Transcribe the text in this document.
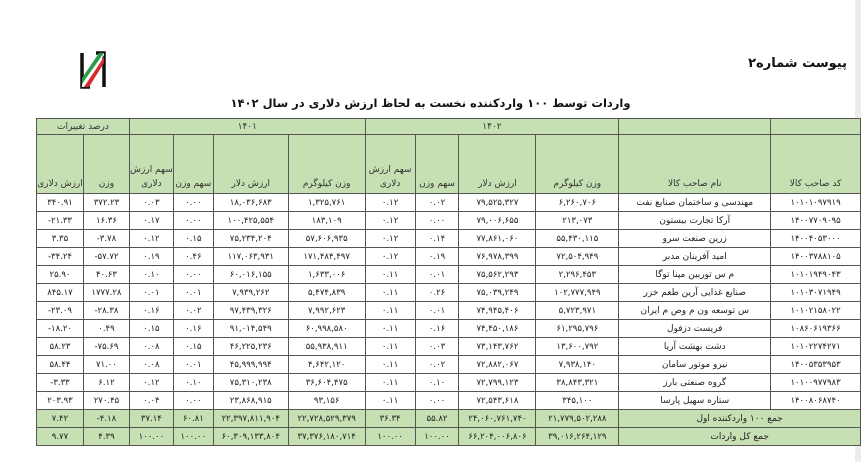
پیوست شماره۲
واردات توسط ۱۰۰ واردکننده نخست به لحاظ ارزش دلاری در سال ۱۴۰۲
		۱۴۰۲				۱۴۰۱				درصد تغییرات	
کد صاحب کالا	نام صاحب کالا	وزن کیلوگرم	ارزش دلار	سهم وزن	سهم ارزش دلاری	وزن کیلوگرم	ارزش دلار	سهم وزن	سهم ارزش دلاری	وزن	ارزش دلاری
۱۰۱۰۱۰۹۷۹۱۹	مهندسی و ساختمان صنایع نفت	۶,۲۶۰,۷۰۶	۷۹,۵۲۵,۳۲۷	۰.۰۲	۰.۱۲	۱,۳۲۵,۷۶۱	۱۸,۰۳۶,۶۸۳	۰.۰۰	۰.۰۳	۳۷۲.۲۳	۳۴۰.۹۱
۱۴۰۰۷۷۰۹۰۹۵	آرکا تجارت بیستون	۲۱۳,۰۷۳	۷۹,۰۰۶,۶۵۵	۰.۰۰	۰.۱۲	۱۸۳,۱۰۹	۱۰۰,۴۲۵,۵۵۴	۰.۰۰	۰.۱۷	۱۶.۳۶	-۲۱.۳۳
۱۴۰۰۴۰۵۳۰۰۰	زرین صنعت سرو	۵۵,۴۳۰,۱۱۵	۷۷,۸۶۱,۰۶۰	۰.۱۴	۰.۱۲	۵۷,۶۰۶,۹۳۵	۷۵,۲۳۴,۲۰۴	۰.۱۵	۰.۱۲	-۳.۷۸	۳.۳۵
۱۴۰۰۳۷۸۸۱۰۵	امید آفرینان مدبر	۷۲,۵۰۴,۹۴۹	۷۶,۹۷۸,۳۹۹	۰.۱۹	۰.۱۲	۱۷۱,۴۸۴,۴۹۷	۱۱۷,۰۶۳,۹۳۱	۰.۴۶	۰.۱۹	-۵۷.۷۲	-۳۴.۲۴
۱۰۱۰۱۹۴۹۰۴۳	م س توربین مپنا توگا	۲,۲۹۶,۴۵۳	۷۵,۵۶۲,۲۹۳	۰.۰۱	۰.۱۱	۱,۶۳۳,۰۰۶	۶۰,۰۱۶,۱۵۵	۰.۰۰	۰.۱۰	۴۰.۶۳	۲۵.۹۰
۱۰۱۰۳۰۷۱۹۴۹	صنایع غذایی آرین طعم خزر	۱۰۲,۷۷۷,۹۴۹	۷۵,۰۳۹,۲۴۹	۰.۲۶	۰.۱۱	۵,۴۷۴,۸۳۹	۷,۹۳۹,۲۶۲	۰.۰۱	۰.۰۱	۱۷۷۷.۲۸	۸۴۵.۱۷
۱۰۱۰۲۱۵۸۰۲۲	س توسعه ون م وص م ایران	۵,۷۲۳,۹۷۱	۷۴,۹۴۵,۴۰۶	۰.۰۱	۰.۱۱	۷,۹۹۲,۶۲۳	۹۷,۴۳۹,۳۲۶	۰.۰۲	۰.۱۶	-۲۸.۳۸	-۲۳.۰۹
۱۰۸۶۰۶۱۹۳۶۶	فریست دزفول	۶۱,۲۹۵,۷۹۶	۷۴,۴۵۰,۱۸۶	۰.۱۶	۰.۱۱	۶۰,۹۹۸,۵۸۰	۹۱,۰۱۴,۵۴۹	۰.۱۶	۰.۱۵	۰.۴۹	-۱۸.۲۰
۱۰۱۰۲۲۷۴۲۷۱	دشت بهشت آریا	۱۳,۶۰۰,۷۹۲	۷۳,۱۴۳,۷۶۲	۰.۰۳	۰.۱۱	۵۵,۹۳۸,۹۱۱	۴۶,۲۲۵,۲۳۶	۰.۱۵	۰.۰۸	-۷۵.۶۹	۵۸.۲۳
۱۴۰۰۵۳۵۳۹۵۳	نیرو موتور سامان	۷,۹۳۸,۱۴۰	۷۲,۸۸۲,۰۶۷	۰.۰۲	۰.۱۱	۴,۶۴۲,۱۲۰	۴۵,۹۹۹,۹۹۴	۰.۰۱	۰.۰۸	۷۱.۰۰	۵۸.۴۴
۱۰۱۰۰۹۷۷۹۸۳	گروه صنعتی بارز	۳۸,۸۴۳,۳۲۱	۷۲,۷۹۹,۱۲۳	۰.۱۰	۰.۱۱	۳۶,۶۰۴,۴۷۵	۷۵,۳۱۰,۲۳۸	۰.۱۰	۰.۱۲	۶.۱۲	-۳.۳۳
۱۴۰۰۸۰۶۸۷۴۰	ستاره سهیل پارسا	۳۴۵,۱۰۰	۷۲,۵۴۳,۶۱۸	۰.۰۰	۰.۱۱	۹۳,۱۵۶	۲۳,۸۶۸,۹۱۵	۰.۰۰	۰.۰۴	۲۷۰.۴۵	۲۰۳.۹۳
جمع ۱۰۰ واردکننده اول		۲۱,۷۷۹,۵۰۲,۲۸۸	۲۴,۰۶۰,۷۶۱,۷۴۰	۵۵.۸۲	۳۶.۳۴	۲۲,۷۲۸,۵۲۹,۳۷۹	۲۲,۳۹۷,۸۱۱,۹۰۴	۶۰.۸۱	۳۷.۱۴	-۴.۱۸	۷.۴۲
جمع کل واردات		۳۹,۰۱۶,۲۶۴,۱۲۹	۶۶,۲۰۴,۰۰۶,۸۰۶	۱۰۰.۰۰	۱۰۰.۰۰	۳۷,۳۷۶,۱۸۰,۷۱۴	۶۰,۳۰۹,۱۳۳,۸۰۴	۱۰۰.۰۰	۱۰۰.۰۰	۴.۳۹	۹.۷۷
